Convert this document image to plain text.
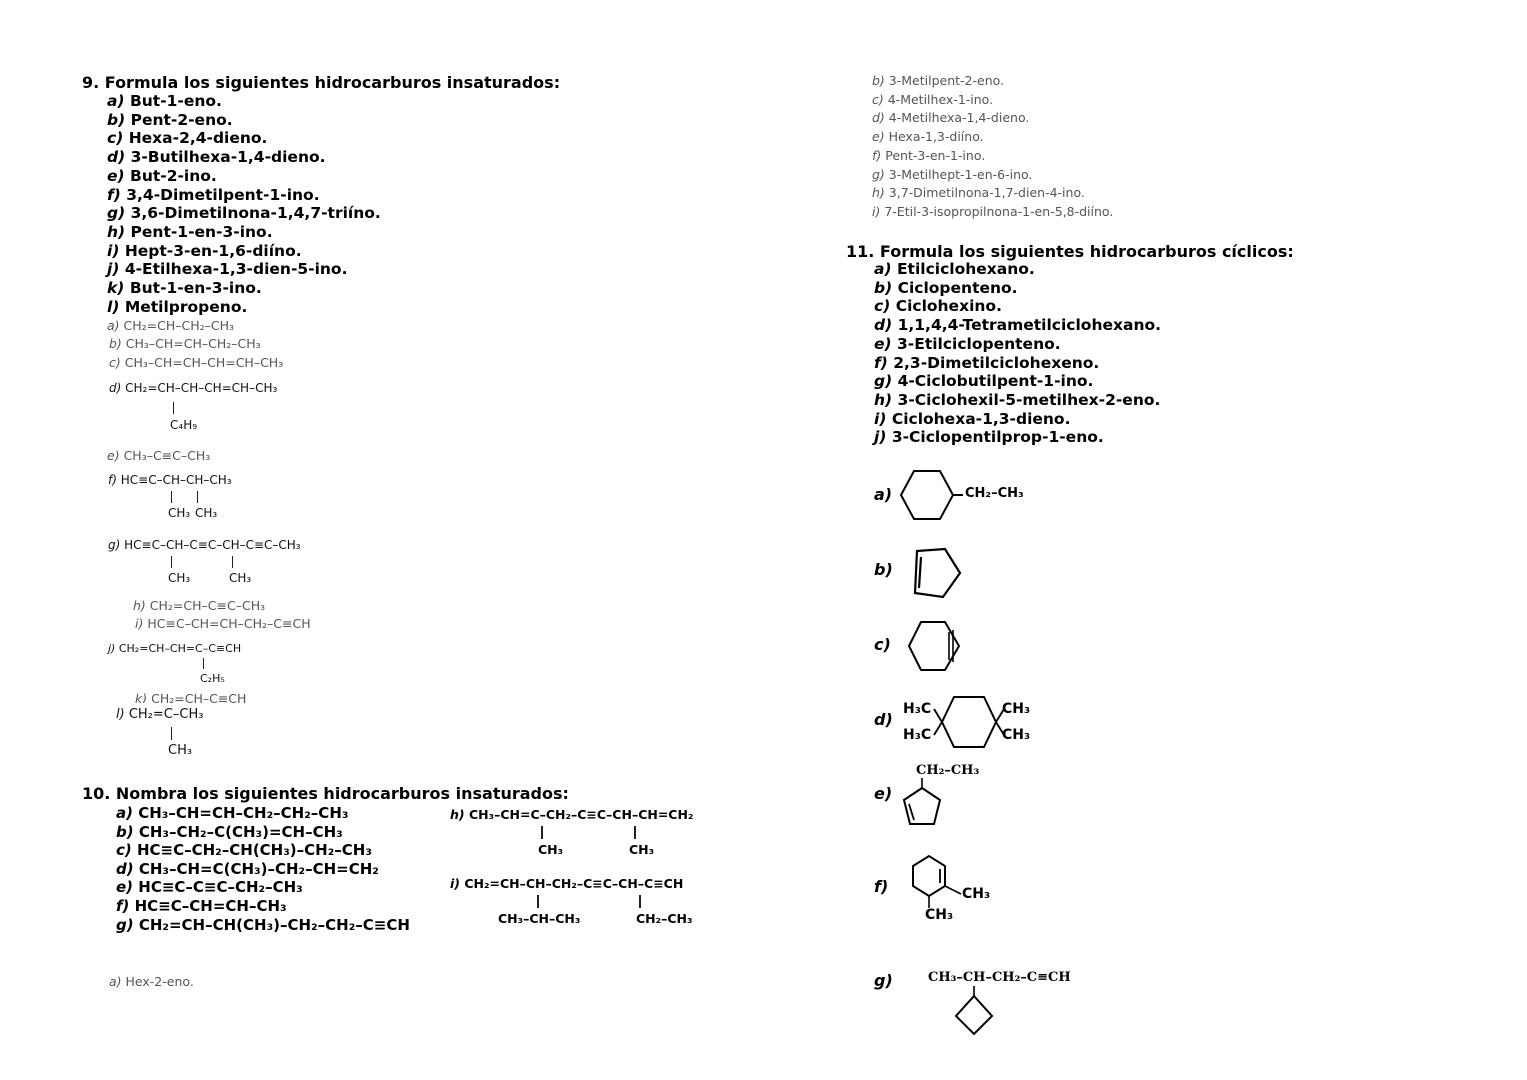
9. Formula los siguientes hidrocarburos insaturados:
a) But-1-eno.
b) Pent-2-eno.
c) Hexa-2,4-dieno.
d) 3-Butilhexa-1,4-dieno.
e) But-2-ino.
f) 3,4-Dimetilpent-1-ino.
g) 3,6-Dimetilnona-1,4,7-triíno.
h) Pent-1-en-3-ino.
i) Hept-3-en-1,6-diíno.
j) 4-Etilhexa-1,3-dien-5-ino.
k) But-1-en-3-ino.
l) Metilpropeno.
a) CH₂=CH–CH₂–CH₃
b) CH₃–CH=CH–CH₂–CH₃
c) CH₃–CH=CH–CH=CH–CH₃
d) CH₂=CH–CH–CH=CH–CH₃
C₄H₉
e) CH₃–C≡C–CH₃
f) HC≡C–CH–CH–CH₃
CH₃ CH₃
g) HC≡C–CH–C≡C–CH–C≡C–CH₃
CH₃	CH₃
h) CH₂=CH–C≡C–CH₃
i) HC≡C–CH=CH–CH₂–C≡CH
j) CH₂=CH–CH=C–C≡CH
C₂H₅
k) CH₂=CH–C≡CH
l) CH₂=C–CH₃
CH₃
10. Nombra los siguientes hidrocarburos insaturados:
a) CH₃–CH=CH–CH₂–CH₂–CH₃
b) CH₃–CH₂–C(CH₃)=CH–CH₃
c) HC≡C–CH₂–CH(CH₃)–CH₂–CH₃
d) CH₃–CH=C(CH₃)–CH₂–CH=CH₂
e) HC≡C–C≡C–CH₂–CH₃
f) HC≡C–CH=CH–CH₃
g) CH₂=CH–CH(CH₃)–CH₂–CH₂–C≡CH
h) CH₃–CH=C–CH₂–C≡C–CH–CH=CH₂
CH₃	CH₃
i) CH₂=CH–CH–CH₂–C≡C–CH–C≡CH
CH₃–CH–CH₃	CH₂–CH₃
a) Hex-2-eno.
b) 3-Metilpent-2-eno.
c) 4-Metilhex-1-ino.
d) 4-Metilhexa-1,4-dieno.
e) Hexa-1,3-diíno.
f) Pent-3-en-1-ino.
g) 3-Metilhept-1-en-6-ino.
h) 3,7-Dimetilnona-1,7-dien-4-ino.
i) 7-Etil-3-isopropilnona-1-en-5,8-diíno.
11. Formula los siguientes hidrocarburos cíclicos:
a) Etilciclohexano.
b) Ciclopenteno.
c) Ciclohexino.
d) 1,1,4,4-Tetrametilciclohexano.
e) 3-Etilciclopenteno.
f) 2,3-Dimetilciclohexeno.
g) 4-Ciclobutilpent-1-ino.
h) 3-Ciclohexil-5-metilhex-2-eno.
i) Ciclohexa-1,3-dieno.
j) 3-Ciclopentilprop-1-eno.
a)	CH₂–CH₃
b)
c)
d)
H₃C
H₃C
CH₃
CH₃
e)
CH₂–CH₃
f)	CH₃
CH₃
g)	CH₃–CH–CH₂–C≡CH
